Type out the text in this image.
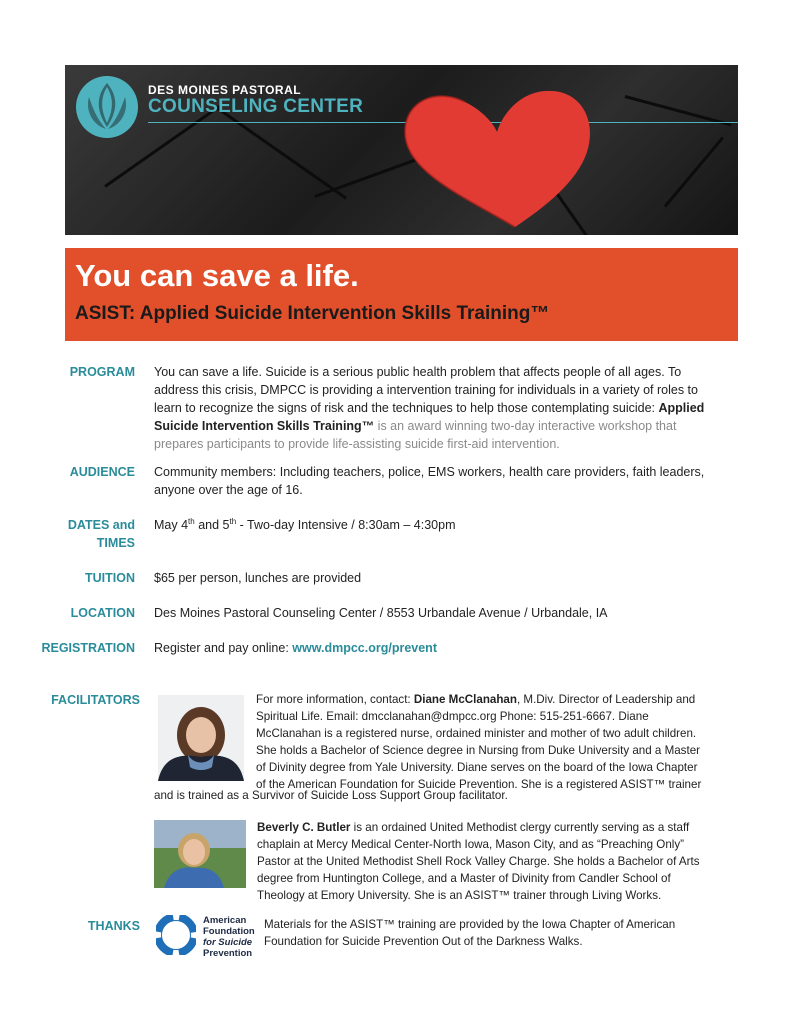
DES MOINES PASTORAL
COUNSELING CENTER
You can save a life.
ASIST: Applied Suicide Intervention Skills Training™
PROGRAM You can save a life. Suicide is a serious public health problem that affects people of all ages. To address this crisis, DMPCC is providing a intervention training for individuals in a variety of roles to learn to recognize the signs of risk and the techniques to help those contemplating suicide: Applied Suicide Intervention Skills Training™ is an award winning two-day interactive workshop that prepares participants to provide life-assisting suicide first-aid intervention.
AUDIENCE Community members: Including teachers, police, EMS workers, health care providers, faith leaders, anyone over the age of 16.
DATES and
TIMES
May 4th and 5th - Two-day Intensive / 8:30am – 4:30pm
TUITION $65 per person, lunches are provided
LOCATION Des Moines Pastoral Counseling Center / 8553 Urbandale Avenue / Urbandale, IA
REGISTRATION Register and pay online: www.dmpcc.org/prevent
FACILITATORS	For more information, contact: Diane McClanahan, M.Div. Director of Leadership and
Spiritual Life. Email: dmcclanahan@dmpcc.org Phone: 515-251-6667. Diane
McClanahan is a registered nurse, ordained minister and mother of two adult children.
She holds a Bachelor of Science degree in Nursing from Duke University and a Master
of Divinity degree from Yale University. Diane serves on the board of the Iowa Chapter
of the American Foundation for Suicide Prevention. She is a registered ASIST™ trainer
and is trained as a Survivor of Suicide Loss Support Group facilitator.
Beverly C. Butler is an ordained United Methodist clergy currently serving as a staff
chaplain at Mercy Medical Center-North Iowa, Mason City, and as “Preaching Only”
Pastor at the United Methodist Shell Rock Valley Charge. She holds a Bachelor of Arts
degree from Huntington College, and a Master of Divinity from Candler School of
Theology at Emory University. She is an ASIST™ trainer through Living Works.
THANKS	American
Foundation
for Suicide
Prevention
Materials for the ASIST™ training are provided by the Iowa Chapter of American
Foundation for Suicide Prevention Out of the Darkness Walks.
